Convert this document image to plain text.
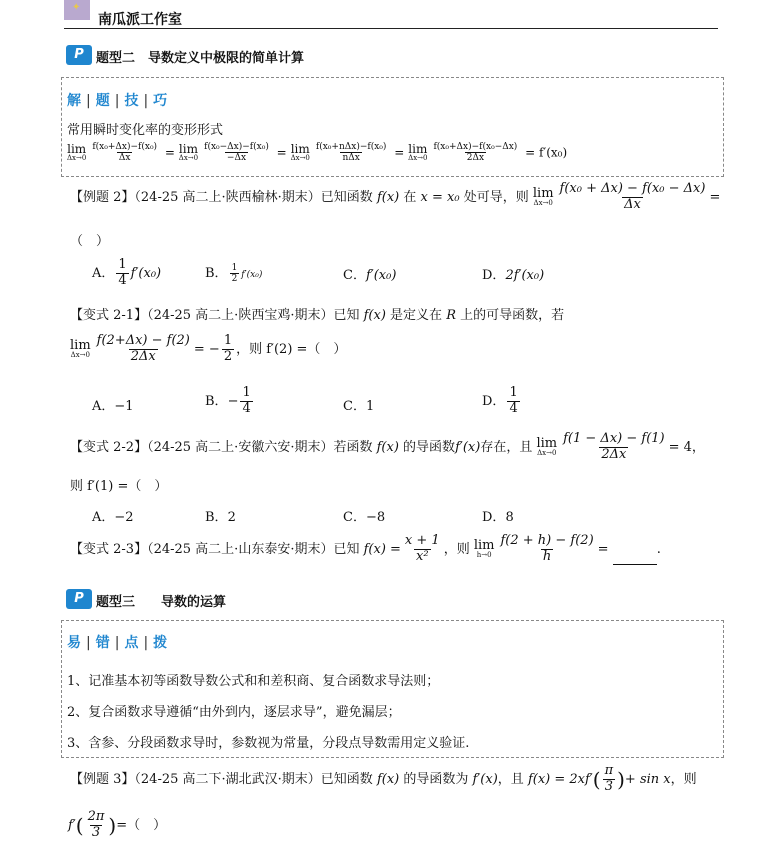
✦
南瓜派工作室
P 题型二　导数定义中极限的简单计算
解 | 题 | 技 | 巧
常用瞬时变化率的变形形式
lim
$\Delta x\to 0 \frac{\text{f(x₀+Δx)−f(x₀)}}{\Delta x} = \lim$
$\Delta x\to 0 \frac{\text{f(x₀−Δx)−f(x₀)}}{-\Delta x} = \lim$
$\Delta x\to 0 \frac{\text{f(x₀+nΔx)−f(x₀)}}{\text{nΔx}} = \lim$
$\Delta x\to 0 \frac{\text{f(x₀+Δx)−f(x₀−Δx)}}{2\Delta x} = f'(x_0)$
【例题 2】（24-25 高二上·陕西榆林·期末）已知函数 f(x) 在 x = x₀ 处可导，则 lim
$\Delta x\to 0 \frac{\text{f(x₀ + Δx) − f(x₀ − Δx)}}{\Delta x}$ =
（　）
A． $\frac{1}{4} f'(x_0)$	B． $\frac{1}{2} f'(x_0)$	C．f′(x₀)	D．2f′(x₀)
【变式 2-1】（24-25 高二上·陕西宝鸡·期末）已知 f(x) 是定义在 R 上的可导函数，若
lim
$\Delta x\to 0 \frac{f(2+\Delta x) - f(2)}{2\Delta x}$ = − $\frac{1}{2}$ ，则 f′(2) =（　）
A．−1	B．− $\frac{1}{4}$	C．1	D． $\frac{1}{4}$
【变式 2-2】（24-25 高二上·安徽六安·期末）若函数 f(x) 的导函数f′(x)存在，且 lim
$\Delta x\to 0 \frac{f(1 - \Delta x) - f(1)}{2\Delta x} = 4$，
则 f′(1) =（　）
A．−2	B．2	C．−8	D．8
【变式 2-3】（24-25 高二上·山东泰安·期末）已知 $f(x) = \frac{x + 1}{\text{x²}}$ ，则 lim
$h\to 0 \frac{f(2 + h) - f(2)}{h}$ =	.
P 题型三　　导数的运算
易 | 错 | 点 | 拨
1、记准基本初等函数导数公式和和差积商、复合函数求导法则；
2、复合函数求导遵循“由外到内，逐层求导”，避免漏层；
3、含参、分段函数求导时，参数视为常量，分段点导数需用定义验证.
【例题 3】（24-25 高二下·湖北武汉·期末）已知函数 f(x) 的导函数为 f′(x)，且 $f(x) = 2xf'( \frac{\pi}{3}$ )+ sin x，则
$f'( \frac{2\pi}{3}$ )=（　）
